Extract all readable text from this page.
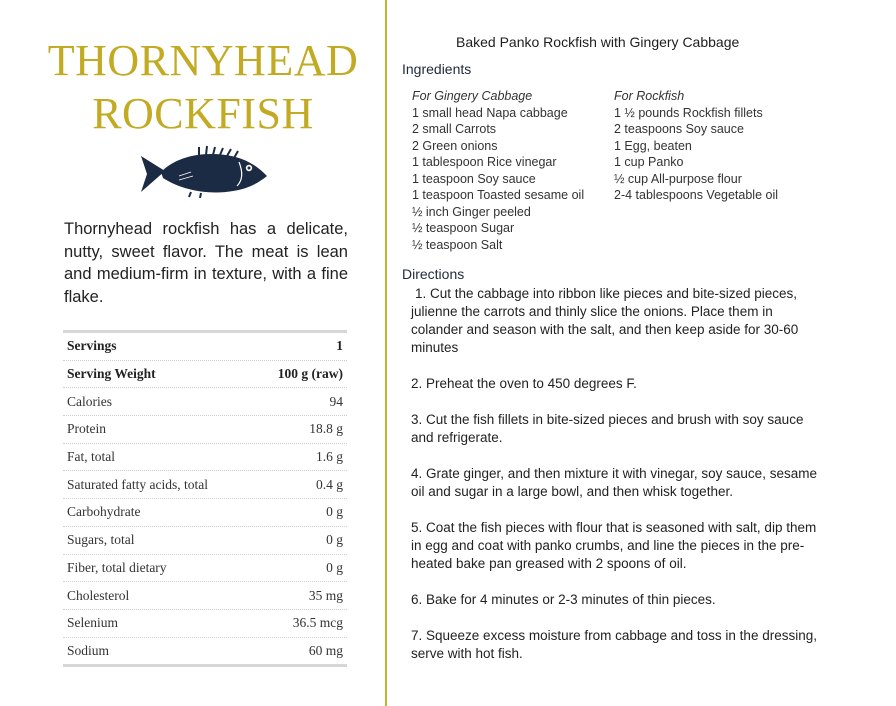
THORNYHEAD
ROCKFISH
Thornyhead rockfish has a delicate, nutty, sweet flavor. The meat is lean and medium-firm in texture, with a fine flake.
Servings	1
Serving Weight	100 g (raw)
Calories	94
Protein	18.8 g
Fat, total	1.6 g
Saturated fatty acids, total	0.4 g
Carbohydrate	0 g
Sugars, total	0 g
Fiber, total dietary	0 g
Cholesterol	35 mg
Selenium	36.5 mcg
Sodium	60 mg
Baked Panko Rockfish with Gingery Cabbage
Ingredients
For Gingery Cabbage
1 small head Napa cabbage
2 small Carrots
2 Green onions
1 tablespoon Rice vinegar
1 teaspoon Soy sauce
1 teaspoon Toasted sesame oil
½ inch Ginger peeled
½ teaspoon Sugar
½ teaspoon Salt
For Rockfish
1 ½ pounds Rockfish fillets
2 teaspoons Soy sauce
1 Egg, beaten
1 cup Panko
½ cup All-purpose flour
2-4 tablespoons Vegetable oil
Directions

1. Cut the cabbage into ribbon like pieces and bite-sized pieces, julienne the carrots and thinly slice the onions. Place them in colander and season with the salt, and then keep aside for 30-60 minutes

2. Preheat the oven to 450 degrees F.

3. Cut the fish fillets in bite-sized pieces and brush with soy sauce and refrigerate.

4. Grate ginger, and then mixture it with vinegar, soy sauce, sesame oil and sugar in a large bowl, and then whisk together.

5. Coat the fish pieces with flour that is seasoned with salt, dip them in egg and coat with panko crumbs, and line the pieces in the pre-heated bake pan greased with 2 spoons of oil.

6. Bake for 4 minutes or 2-3 minutes of thin pieces.

7. Squeeze excess moisture from cabbage and toss in the dressing, serve with hot fish.
